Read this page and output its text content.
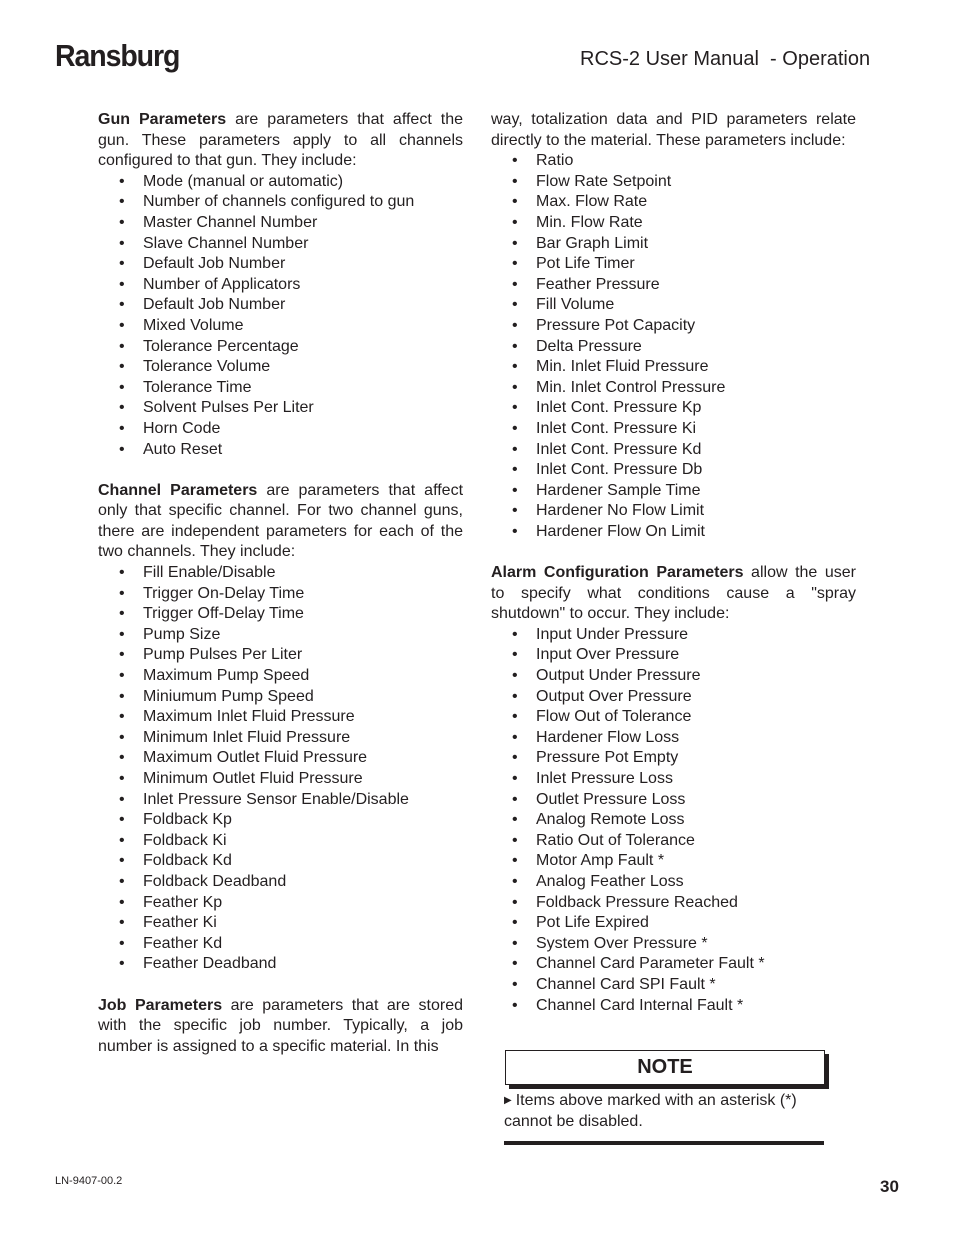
Ransburg	RCS-2 User Manual  - Operation

Gun Parameters are parameters that affect the gun. These parameters apply to all channels configured to that gun. They include:

• Mode (manual or automatic)
• Number of channels configured to gun
• Master Channel Number
• Slave Channel Number
• Default Job Number
• Number of Applicators
• Default Job Number
• Mixed Volume
• Tolerance Percentage
• Tolerance Volume
• Tolerance Time
• Solvent Pulses Per Liter
• Horn Code
• Auto Reset

Channel Parameters are parameters that affect only that specific channel. For two channel guns, there are independent parameters for each of the two channels. They include:

• Fill Enable/Disable
• Trigger On-Delay Time
• Trigger Off-Delay Time
• Pump Size
• Pump Pulses Per Liter
• Maximum Pump Speed
• Miniumum Pump Speed
• Maximum Inlet Fluid Pressure
• Minimum Inlet Fluid Pressure
• Maximum Outlet Fluid Pressure
• Minimum Outlet Fluid Pressure
• Inlet Pressure Sensor Enable/Disable
• Foldback Kp
• Foldback Ki
• Foldback Kd
• Foldback Deadband
• Feather Kp
• Feather Ki
• Feather Kd
• Feather Deadband

Job Parameters are parameters that are stored with the specific job number. Typically, a job number is assigned to a specific material. In this

way, totalization data and PID parameters relate directly to the material. These parameters include:

• Ratio
• Flow Rate Setpoint
• Max. Flow Rate
• Min. Flow Rate
• Bar Graph Limit
• Pot Life Timer
• Feather Pressure
• Fill Volume
• Pressure Pot Capacity
• Delta Pressure
• Min. Inlet Fluid Pressure
• Min. Inlet Control Pressure
• Inlet Cont. Pressure Kp
• Inlet Cont. Pressure Ki
• Inlet Cont. Pressure Kd
• Inlet Cont. Pressure Db
• Hardener Sample Time
• Hardener No Flow Limit
• Hardener Flow On Limit

Alarm Configuration Parameters allow the user to specify what conditions cause a "spray shutdown" to occur. They include:

• Input Under Pressure
• Input Over Pressure
• Output Under Pressure
• Output Over Pressure
• Flow Out of Tolerance
• Hardener Flow Loss
• Pressure Pot Empty
• Inlet Pressure Loss
• Outlet Pressure Loss
• Analog Remote Loss
• Ratio Out of Tolerance
• Motor Amp Fault *
• Analog Feather Loss
• Foldback Pressure Reached
• Pot Life Expired
• System Over Pressure *
• Channel Card Parameter Fault *
• Channel Card SPI Fault *
• Channel Card Internal Fault *
NOTE
▶ Items above marked with an asterisk (*) cannot be disabled.
LN-9407-00.2	30
